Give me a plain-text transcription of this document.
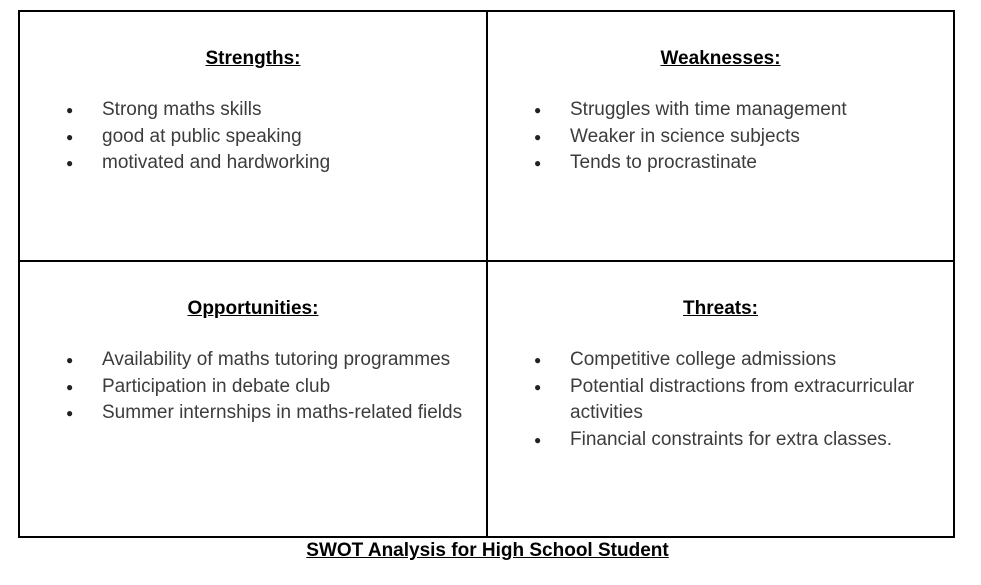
Strengths:
● Strong maths skills
● good at public speaking
● motivated and hardworking
Weaknesses:
● Struggles with time management
● Weaker in science subjects
● Tends to procrastinate
Opportunities:
● Availability of maths tutoring programmes
● Participation in debate club
● Summer internships in maths-related fields
Threats:
● Competitive college admissions
● Potential distractions from extracurricular activities
● Financial constraints for extra classes.
SWOT Analysis for High School Student
